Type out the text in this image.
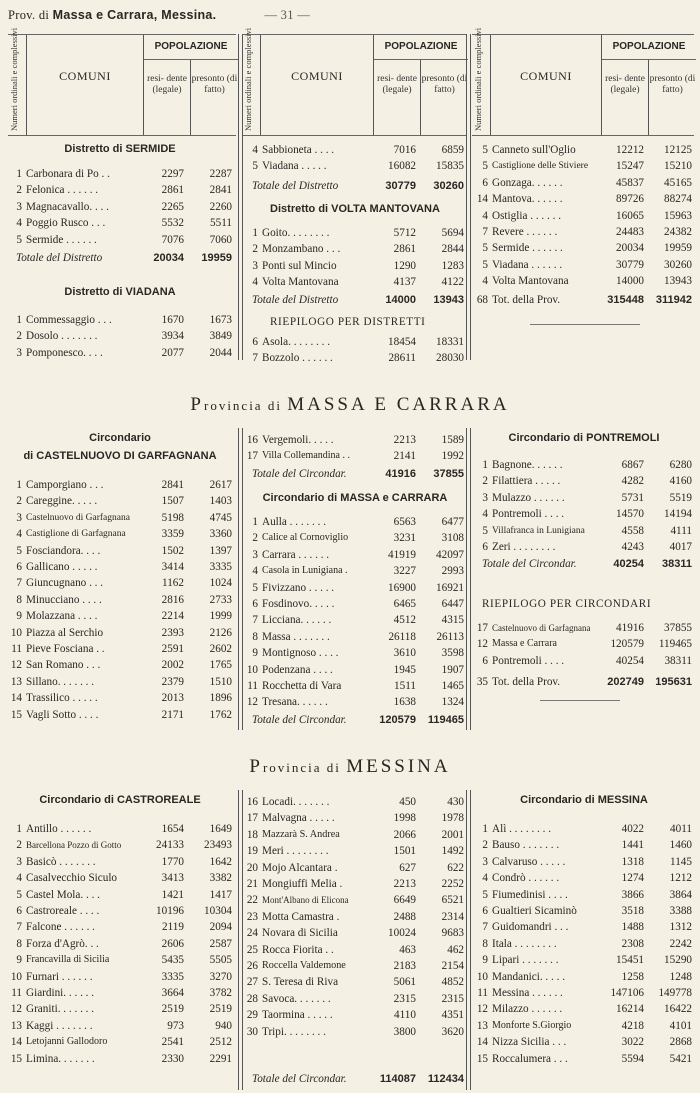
Prov. di Massa e Carrara, Messina.	— 31 —
Numeri ordinali e complessivi	COMUNI
POPOLAZIONE
resi- dente (legale)
presonto (di fatto)	Numeri ordinali e complessivi	COMUNI
POPOLAZIONE
resi- dente (legale)
presonto (di fatto)	Numeri ordinali e complessivi	COMUNI
POPOLAZIONE
resi- dente (legale)
presonto (di fatto)
Distretto di SERMIDE
1 Carbonara di Po . .	2297	2287
2 Felonica . . . . . .	2861	2841
3 Magnacavallo. . . .	2265	2260
4 Poggio Rusco . . .	5532	5511
5 Sermide . . . . . .	7076	7060
Totale del Distretto	20034	19959
Distretto di VIADANA
1 Commessaggio . . .	1670	1673
2 Dosolo . . . . . . .	3934	3849
3 Pomponesco. . . .	2077	2044
4 Sabbioneta . . . .	7016	6859
5 Viadana . . . . .	16082	15835
Totale del Distretto	30779	30260
Distretto di VOLTA MANTOVANA
1 Goito. . . . . . . .	5712	5694
2 Monzambano . . .	2861	2844
3 Ponti sul Mincio	1290	1283
4 Volta Mantovana	4137	4122
Totale del Distretto	14000	13943
RIEPILOGO PER DISTRETTI
6 Asola. . . . . . . .	18454	18331
7 Bozzolo . . . . . .	28611	28030
5 Canneto sull'Oglio	12212	12125
5 Castiglione delle Stiviere	15247	15210
6 Gonzaga. . . . . .	45837	45165
14 Mantova. . . . . .	89726	88274
4 Ostiglia . . . . . .	16065	15963
7 Revere . . . . . .	24483	24382
5 Sermide . . . . . .	20034	19959
5 Viadana . . . . . .	30779	30260
4 Volta Mantovana	14000	13943
68 Tot. della Prov.	315448	311942
Provincia di MASSA E CARRARA
Circondario
di CASTELNUOVO DI GARFAGNANA
1 Camporgiano . . .	2841	2617
2 Careggine. . . . .	1507	1403
3 Castelnuovo di Garfagnana	5198	4745
4 Castiglione di Garfagnana	3359	3360
5 Fosciandora. . . .	1502	1397
6 Gallicano . . . . .	3414	3335
7 Giuncugnano . . .	1162	1024
8 Minucciano . . . .	2816	2733
9 Molazzana . . . .	2214	1999
10 Piazza al Serchio	2393	2126
11 Pieve Fosciana . .	2591	2602
12 San Romano . . .	2002	1765
13 Sillano. . . . . . .	2379	1510
14 Trassilico . . . . .	2013	1896
15 Vagli Sotto . . . .	2171	1762
16 Vergemoli. . . . .	2213	1589
17 Villa Collemandina . .	2141	1992
Totale del Circondar.	41916	37855
Circondario di MASSA e CARRARA
1 Aulla . . . . . . .	6563	6477
2 Calice al Cornoviglio	3231	3108
3 Carrara . . . . . .	41919	42097
4 Casola in Lunigiana .	3227	2993
5 Fivizzano . . . . .	16900	16921
6 Fosdinovo. . . . .	6465	6447
7 Licciana. . . . . .	4512	4315
8 Massa . . . . . . .	26118	26113
9 Montignoso . . . .	3610	3598
10 Podenzana . . . .	1945	1907
11 Rocchetta di Vara	1511	1465
12 Tresana. . . . . .	1638	1324
Totale del Circondar.	120579	119465
Circondario di PONTREMOLI
1 Bagnone. . . . . .	6867	6280
2 Filattiera . . . . .	4282	4160
3 Mulazzo . . . . . .	5731	5519
4 Pontremoli . . . .	14570	14194
5 Villafranca in Lunigiana	4558	4111
6 Zeri . . . . . . . .	4243	4017
Totale del Circondar.	40254	38311
RIEPILOGO PER CIRCONDARI
17 Castelnuovo di Garfagnana	41916	37855
12 Massa e Carrara	120579	119465
6 Pontremoli . . . .	40254	38311
35 Tot. della Prov.	202749	195631
Provincia di MESSINA
Circondario di CASTROREALE
1 Antillo . . . . . .	1654	1649
2 Barcellona Pozzo di Gotto	24133	23493
3 Basicò . . . . . . .	1770	1642
4 Casalvecchio Siculo	3413	3382
5 Castel Mola. . . .	1421	1417
6 Castroreale . . . .	10196	10304
7 Falcone . . . . . .	2119	2094
8 Forza d'Agrò. . .	2606	2587
9 Francavilla di Sicilia	5435	5505
10 Furnari . . . . . .	3335	3270
11 Giardini. . . . . .	3664	3782
12 Graniti. . . . . . .	2519	2519
13 Kaggi . . . . . . .	973	940
14 Letojanni Gallodoro	2541	2512
15 Limina. . . . . . .	2330	2291
16 Locadi. . . . . . .	450	430
17 Malvagna . . . . .	1998	1978
18 Mazzarà S. Andrea	2066	2001
19 Meri . . . . . . . .	1501	1492
20 Mojo Alcantara .	627	622
21 Mongiuffi Melia .	2213	2252
22 Mont'Albano di Elicona	6649	6521
23 Motta Camastra .	2488	2314
24 Novara di Sicilia	10024	9683
25 Rocca Fiorita . .	463	462
26 Roccella Valdemone	2183	2154
27 S. Teresa di Riva	5061	4852
28 Savoca. . . . . . .	2315	2315
29 Taormina . . . . .	4110	4351
30 Tripi. . . . . . . .	3800	3620
Totale del Circondar.	114087	112434
Circondario di MESSINA
1 Alì . . . . . . . .	4022	4011
2 Bauso . . . . . . .	1441	1460
3 Calvaruso . . . . .	1318	1145
4 Condrò . . . . . .	1274	1212
5 Fiumedinisi . . . .	3866	3864
6 Gualtieri Sicaminò	3518	3388
7 Guidomandri . . .	1488	1312
8 Itala . . . . . . . .	2308	2242
9 Lipari . . . . . . .	15451	15290
10 Mandanici. . . . .	1258	1248
11 Messina . . . . . .	147106	149778
12 Milazzo . . . . . .	16214	16422
13 Monforte S.Giorgio	4218	4101
14 Nizza Sicilia . . .	3022	2868
15 Roccalumera . . .	5594	5421
